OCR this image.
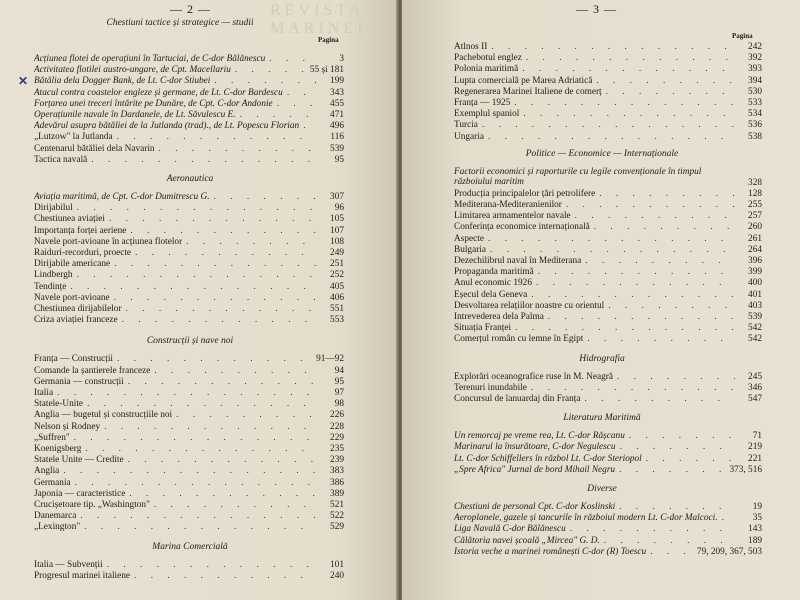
— 2 —	REVISTA MARINEI
Pagina
Chestiuni tactice și strategice — studii
Acțiunea flotei de operațiuni în Tartuciai, de C-dor Bălănescu . . .	3
Activitatea flotilei austro-ungare, de Cpt. Macellariu . . .	55 și 181
Bătălia dela Dogger Bank, de Lt. C-dor Stiubei . . .	199
Atacul contra coastelor engleze și germane, de Lt. C-dor Bardescu . . .	343
Forțarea unei treceri întărite pe Dunăre, de Cpt. C-dor Andonie . . .	455
Operațiunile navale în Dardanele, de Lt. Săvulescu E. . . .	471
Adevărul asupra bătăliei de la Jutlanda (trad)., de Lt. Popescu Florian . . .	496
„Lutzow" la Jutlanda . . .	116
Centenarul bătăliei dela Navarin . . .	539
Tactica navală . . .	95
Aeronautica
Aviația maritimă, de Cpt. C-dor Dumitrescu G. . . .	307
Dirijabilul . . .	96
Chestiunea aviației . . .	105
Importanța forței aeriene . . .	107
Navele port-avioane în acțiunea flotelor . . .	108
Raiduri-recorduri, proecte . . .	249
Dirijabile americane . . .	251
Lindbergh . . .	252
Tendințe . . .	405
Navele port-avioane . . .	406
Chestiunea dirijabilelor . . .	551
Criza aviației franceze . . .	553
Construcții și nave noi
Franța — Construcții . . .	91—92
Comande la șantierele franceze . . .	94
Germania — construcții . . .	95
Italia . . .	97
Statele-Unite . . .	98
Anglia — bugetul și construcțiile noi . . .	226
Nelson și Rodney . . .	228
„Suffren" . . .	229
Koenigsberg . . .	235
Statele Unite — Credite . . .	239
Anglia . . .	383
Germania . . .	386
Japonia — caracteristice . . .	389
Crucișetoare tip. „Washington" . . .	521
Danemarca . . .	522
„Lexington" . . .	529
Marina Comercială
Italia — Subvenții . . .	101
Progresul marinei italiene . . .	240
✕
— 3 —
Pagina
Atlnos II . . .	242
Pachebotul englez . . .	392
Polonia maritimă . . .	393
Lupta comercială pe Marea Adriatică . . .	394
Regenerarea Marinei Italiene de comerț . . .	530
Franța — 1925 . . .	533
Exemplul spaniol . . .	534
Turcia . . .	536
Ungaria . . .	538
Politice — Economice — Internaționale
Factorii economici și raporturile cu legile convenționale în timpul războiului maritim	328
Producția principalelor țări petrolifere . . .	128
Mediterana-Mediteranienilor . . .	255
Limitarea armamentelor navale . . .	257
Conferința economice internațională . . .	260
Aspecte . . .	261
Bulgaria . . .	264
Dezechilibrul naval în Mediterana . . .	396
Propaganda maritimă . . .	399
Anul economic 1926 . . .	400
Eșecul dela Geneva . . .	401
Desvoltarea relațiilor noastre cu orientul . . .	403
Intrevederea dela Palma . . .	539
Situația Franței . . .	542
Comerțul român cu lemne în Egipt . . .	542
Hidrografia
Explorări oceanografice ruse în M. Neagră . . .	245
Terenuri inundabile . . .	346
Concursul de îanuardaj din Franța . . .	547
Literatura Maritimă
Un remorcaj pe vreme rea, Lt. C-dor Rășcanu . . .	71
Marinarul la însurătoare, C-dor Negulescu . . .	219
Lt. C-dor Schiffellers în războl Lt. C-dor Steriopol . . .	221
„Spre Africa" Jurnal de bord Mihail Negru . . .	373, 516
Diverse
Chestiuni de personal Cpt. C-dor Koslinski . . .	19
Aeroplanele, gazele și tancurile în războiul modern Lt. C-dor Malcoci. . . .	35
Liga Navală C-dor Bălănescu . . .	143
Călătoria navei școală „Mircea" G. D. . . .	189
Istoria veche a marinei românești C-dor (R) Toescu . . .	79, 209, 367, 503
